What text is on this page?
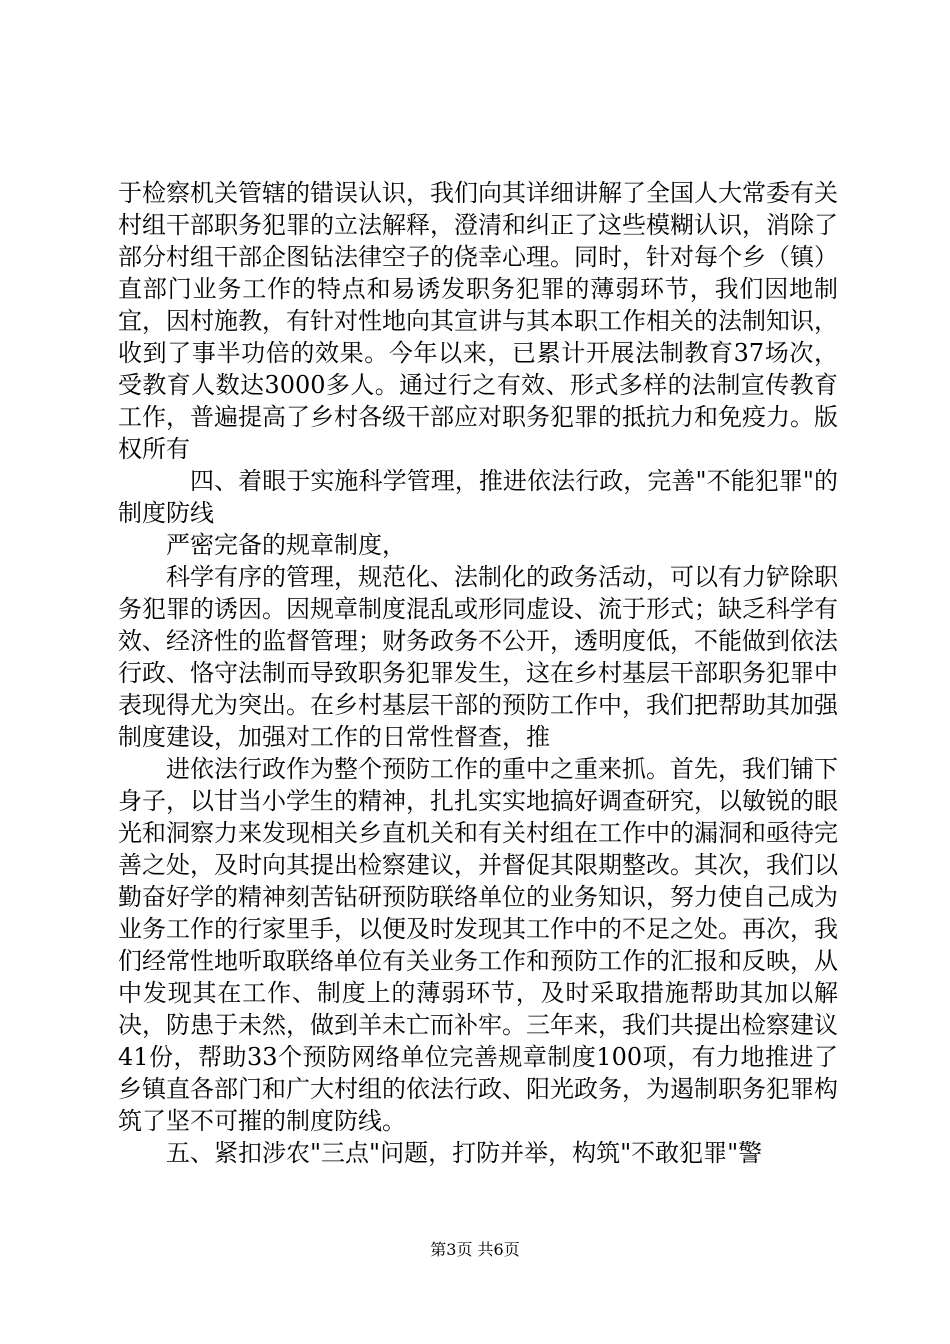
于检察机关管辖的错误认识，我们向其详细讲解了全国人大常委有关村组干部职务犯罪的立法解释，澄清和纠正了这些模糊认识，消除了部分村组干部企图钻法律空子的侥幸心理。同时，针对每个乡（镇）直部门业务工作的特点和易诱发职务犯罪的薄弱环节，我们因地制宜，因村施教，有针对性地向其宣讲与其本职工作相关的法制知识，收到了事半功倍的效果。今年以来，已累计开展法制教育37场次，受教育人数达3000多人。通过行之有效、形式多样的法制宣传教育工作，普遍提高了乡村各级干部应对职务犯罪的抵抗力和免疫力。版权所有

四、着眼于实施科学管理，推进依法行政，完善"不能犯罪"的制度防线

严密完备的规章制度，

科学有序的管理，规范化、法制化的政务活动，可以有力铲除职务犯罪的诱因。因规章制度混乱或形同虚设、流于形式；缺乏科学有效、经济性的监督管理；财务政务不公开，透明度低，不能做到依法行政、恪守法制而导致职务犯罪发生，这在乡村基层干部职务犯罪中表现得尤为突出。在乡村基层干部的预防工作中，我们把帮助其加强制度建设，加强对工作的日常性督查，推

进依法行政作为整个预防工作的重中之重来抓。首先，我们铺下身子，以甘当小学生的精神，扎扎实实地搞好调查研究，以敏锐的眼光和洞察力来发现相关乡直机关和有关村组在工作中的漏洞和亟待完善之处，及时向其提出检察建议，并督促其限期整改。其次，我们以勤奋好学的精神刻苦钻研预防联络单位的业务知识，努力使自己成为业务工作的行家里手，以便及时发现其工作中的不足之处。再次，我们经常性地听取联络单位有关业务工作和预防工作的汇报和反映，从中发现其在工作、制度上的薄弱环节，及时采取措施帮助其加以解决，防患于未然，做到羊未亡而补牢。三年来，我们共提出检察建议41份，帮助33个预防网络单位完善规章制度100项，有力地推进了乡镇直各部门和广大村组的依法行政、阳光政务，为遏制职务犯罪构筑了坚不可摧的制度防线。

五、紧扣涉农"三点"问题，打防并举，构筑"不敢犯罪"警

第3页 共6页
